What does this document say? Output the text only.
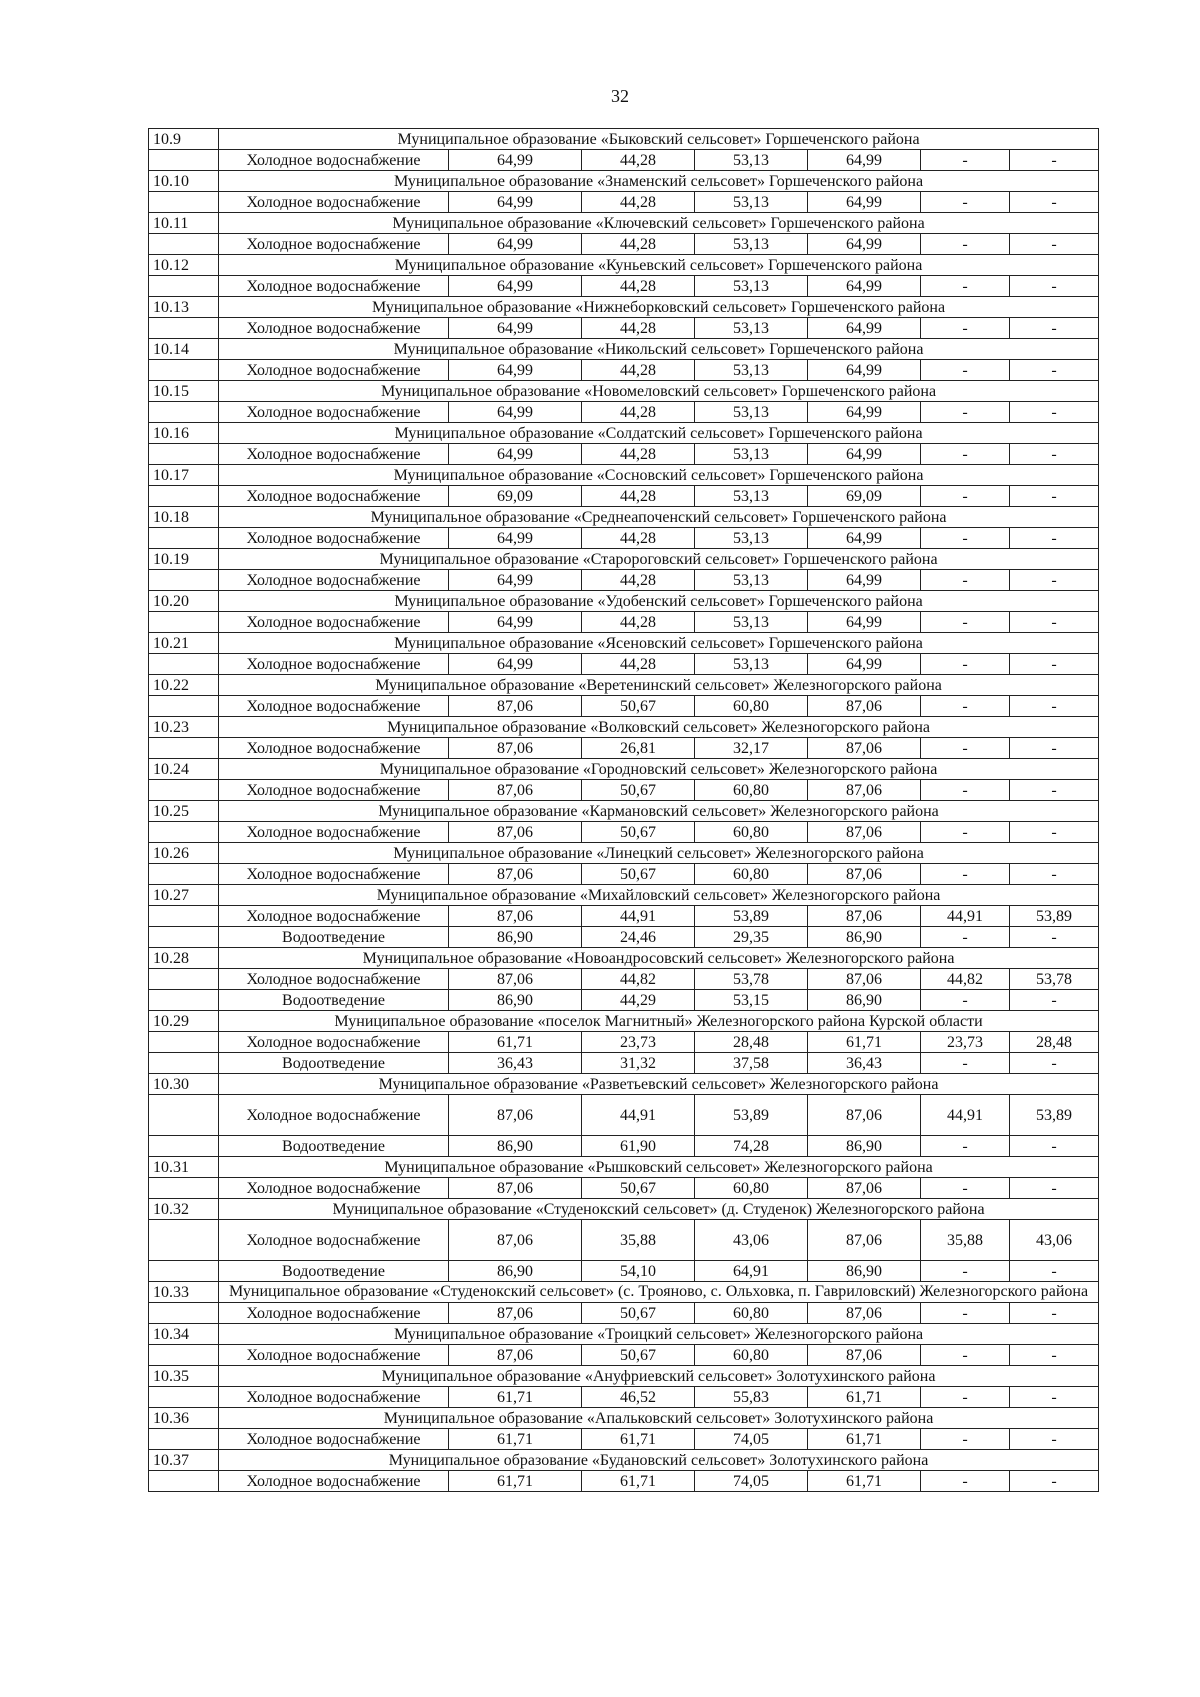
32
10.9	Муниципальное образование «Быковский сельсовет» Горшеченского района						
	Холодное водоснабжение	64,99	44,28	53,13	64,99	-	-
10.10	Муниципальное образование «Знаменский сельсовет» Горшеченского района						
	Холодное водоснабжение	64,99	44,28	53,13	64,99	-	-
10.11	Муниципальное образование «Ключевский сельсовет» Горшеченского района						
	Холодное водоснабжение	64,99	44,28	53,13	64,99	-	-
10.12	Муниципальное образование «Куньевский сельсовет» Горшеченского района						
	Холодное водоснабжение	64,99	44,28	53,13	64,99	-	-
10.13	Муниципальное образование «Нижнеборковский сельсовет» Горшеченского района						
	Холодное водоснабжение	64,99	44,28	53,13	64,99	-	-
10.14	Муниципальное образование «Никольский сельсовет» Горшеченского района						
	Холодное водоснабжение	64,99	44,28	53,13	64,99	-	-
10.15	Муниципальное образование «Новомеловский сельсовет» Горшеченского района						
	Холодное водоснабжение	64,99	44,28	53,13	64,99	-	-
10.16	Муниципальное образование «Солдатский сельсовет» Горшеченского района						
	Холодное водоснабжение	64,99	44,28	53,13	64,99	-	-
10.17	Муниципальное образование «Сосновский сельсовет» Горшеченского района						
	Холодное водоснабжение	69,09	44,28	53,13	69,09	-	-
10.18	Муниципальное образование «Среднеапоченский сельсовет» Горшеченского района						
	Холодное водоснабжение	64,99	44,28	53,13	64,99	-	-
10.19	Муниципальное образование «Старороговский сельсовет» Горшеченского района						
	Холодное водоснабжение	64,99	44,28	53,13	64,99	-	-
10.20	Муниципальное образование «Удобенский сельсовет» Горшеченского района						
	Холодное водоснабжение	64,99	44,28	53,13	64,99	-	-
10.21	Муниципальное образование «Ясеновский сельсовет» Горшеченского района						
	Холодное водоснабжение	64,99	44,28	53,13	64,99	-	-
10.22	Муниципальное образование «Веретенинский сельсовет» Железногорского района						
	Холодное водоснабжение	87,06	50,67	60,80	87,06	-	-
10.23	Муниципальное образование «Волковский сельсовет» Железногорского района						
	Холодное водоснабжение	87,06	26,81	32,17	87,06	-	-
10.24	Муниципальное образование «Городновский сельсовет» Железногорского района						
	Холодное водоснабжение	87,06	50,67	60,80	87,06	-	-
10.25	Муниципальное образование «Кармановский сельсовет» Железногорского района						
	Холодное водоснабжение	87,06	50,67	60,80	87,06	-	-
10.26	Муниципальное образование «Линецкий сельсовет» Железногорского района						
	Холодное водоснабжение	87,06	50,67	60,80	87,06	-	-
10.27	Муниципальное образование «Михайловский сельсовет» Железногорского района						
	Холодное водоснабжение	87,06	44,91	53,89	87,06	44,91	53,89
	Водоотведение	86,90	24,46	29,35	86,90	-	-
10.28	Муниципальное образование «Новоандросовский сельсовет» Железногорского района						
	Холодное водоснабжение	87,06	44,82	53,78	87,06	44,82	53,78
	Водоотведение	86,90	44,29	53,15	86,90	-	-
10.29	Муниципальное образование «поселок Магнитный» Железногорского района Курской области						
	Холодное водоснабжение	61,71	23,73	28,48	61,71	23,73	28,48
	Водоотведение	36,43	31,32	37,58	36,43	-	-
10.30	Муниципальное образование «Разветьевский сельсовет» Железногорского района						
	Холодное водоснабжение	87,06	44,91	53,89	87,06	44,91	53,89
	Водоотведение	86,90	61,90	74,28	86,90	-	-
10.31	Муниципальное образование «Рышковский сельсовет» Железногорского района						
	Холодное водоснабжение	87,06	50,67	60,80	87,06	-	-
10.32	Муниципальное образование «Студенокский сельсовет» (д. Студенок) Железногорского района						
	Холодное водоснабжение	87,06	35,88	43,06	87,06	35,88	43,06
	Водоотведение	86,90	54,10	64,91	86,90	-	-
10.33	Муниципальное образование «Студенокский сельсовет» (с. Трояново, с. Ольховка, п. Гавриловский) Железногорского района						
	Холодное водоснабжение	87,06	50,67	60,80	87,06	-	-
10.34	Муниципальное образование «Троицкий сельсовет» Железногорского района						
	Холодное водоснабжение	87,06	50,67	60,80	87,06	-	-
10.35	Муниципальное образование «Ануфриевский сельсовет» Золотухинского района						
	Холодное водоснабжение	61,71	46,52	55,83	61,71	-	-
10.36	Муниципальное образование «Апальковский сельсовет» Золотухинского района						
	Холодное водоснабжение	61,71	61,71	74,05	61,71	-	-
10.37	Муниципальное образование «Будановский сельсовет» Золотухинского района						
	Холодное водоснабжение	61,71	61,71	74,05	61,71	-	-
